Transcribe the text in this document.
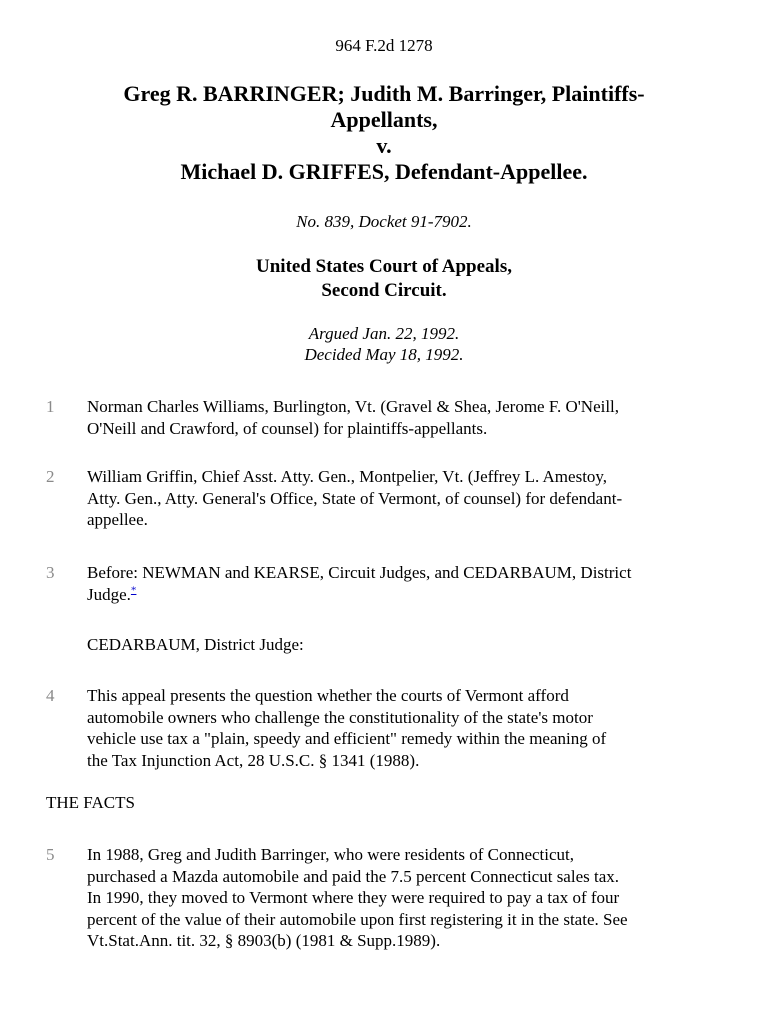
964 F.2d 1278
Greg R. BARRINGER; Judith M. Barringer, Plaintiffs-
Appellants,
v.
Michael D. GRIFFES, Defendant-Appellee.
No. 839, Docket 91-7902.
United States Court of Appeals,
Second Circuit.
Argued Jan. 22, 1992.
Decided May 18, 1992.
1 Norman Charles Williams, Burlington, Vt. (Gravel & Shea, Jerome F. O'Neill,
O'Neill and Crawford, of counsel) for plaintiffs-appellants.
2 William Griffin, Chief Asst. Atty. Gen., Montpelier, Vt. (Jeffrey L. Amestoy,
Atty. Gen., Atty. General's Office, State of Vermont, of counsel) for defendant-
appellee.
3 Before: NEWMAN and KEARSE, Circuit Judges, and CEDARBAUM, District
Judge.*
CEDARBAUM, District Judge:
4 This appeal presents the question whether the courts of Vermont afford
automobile owners who challenge the constitutionality of the state's motor
vehicle use tax a "plain, speedy and efficient" remedy within the meaning of
the Tax Injunction Act, 28 U.S.C. § 1341 (1988).
THE FACTS
5 In 1988, Greg and Judith Barringer, who were residents of Connecticut,
purchased a Mazda automobile and paid the 7.5 percent Connecticut sales tax.
In 1990, they moved to Vermont where they were required to pay a tax of four
percent of the value of their automobile upon first registering it in the state. See
Vt.Stat.Ann. tit. 32, § 8903(b) (1981 & Supp.1989).
